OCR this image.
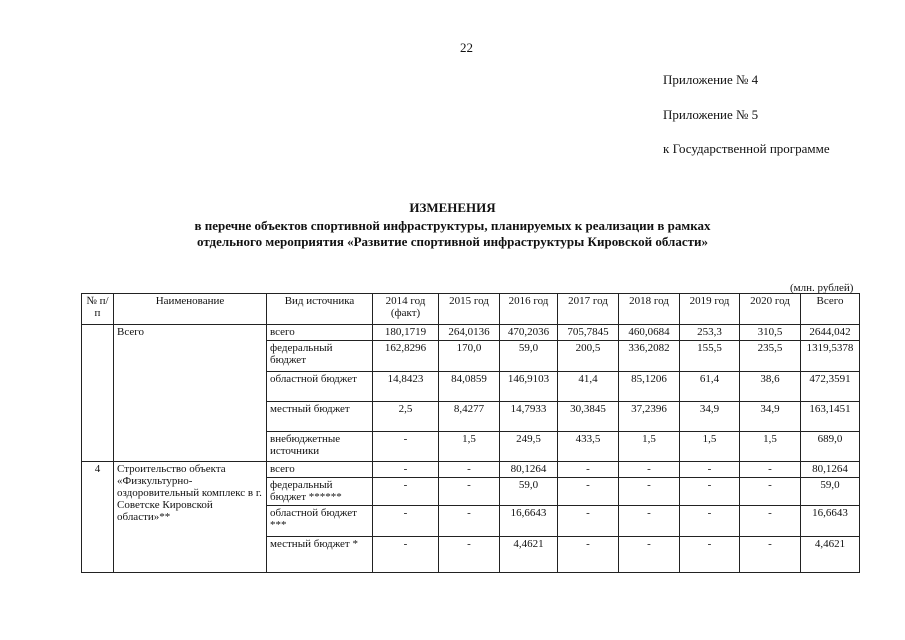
22
Приложение № 4
Приложение № 5
к Государственной программе
ИЗМЕНЕНИЯ
в перечне объектов спортивной инфраструктуры, планируемых к реализации в рамках
отдельного мероприятия «Развитие спортивной инфраструктуры Кировской области»
(млн. рублей)
№ п/п	Наименование	Вид источника	2014 год (факт)	2015 год	2016 год	2017 год	2018 год	2019 год	2020 год	Всего
	Всего	всего	180,1719	264,0136	470,2036	705,7845	460,0684	253,3	310,5	2644,042
		федеральный бюджет	162,8296	170,0	59,0	200,5	336,2082	155,5	235,5	1319,5378
		областной бюджет	14,8423	84,0859	146,9103	41,4	85,1206	61,4	38,6	472,3591
		местный бюджет	2,5	8,4277	14,7933	30,3845	37,2396	34,9	34,9	163,1451
		внебюджетные источники	-	1,5	249,5	433,5	1,5	1,5	1,5	689,0
4	Строительство объекта «Физкультурно-оздоровительный комплекс в г. Советске Кировской области»**	всего	-	-	80,1264	-	-	-	-	80,1264
		федеральный бюджет ******	-	-	59,0	-	-	-	-	59,0
		областной бюджет ***	-	-	16,6643	-	-	-	-	16,6643
		местный бюджет *	-	-	4,4621	-	-	-	-	4,4621
